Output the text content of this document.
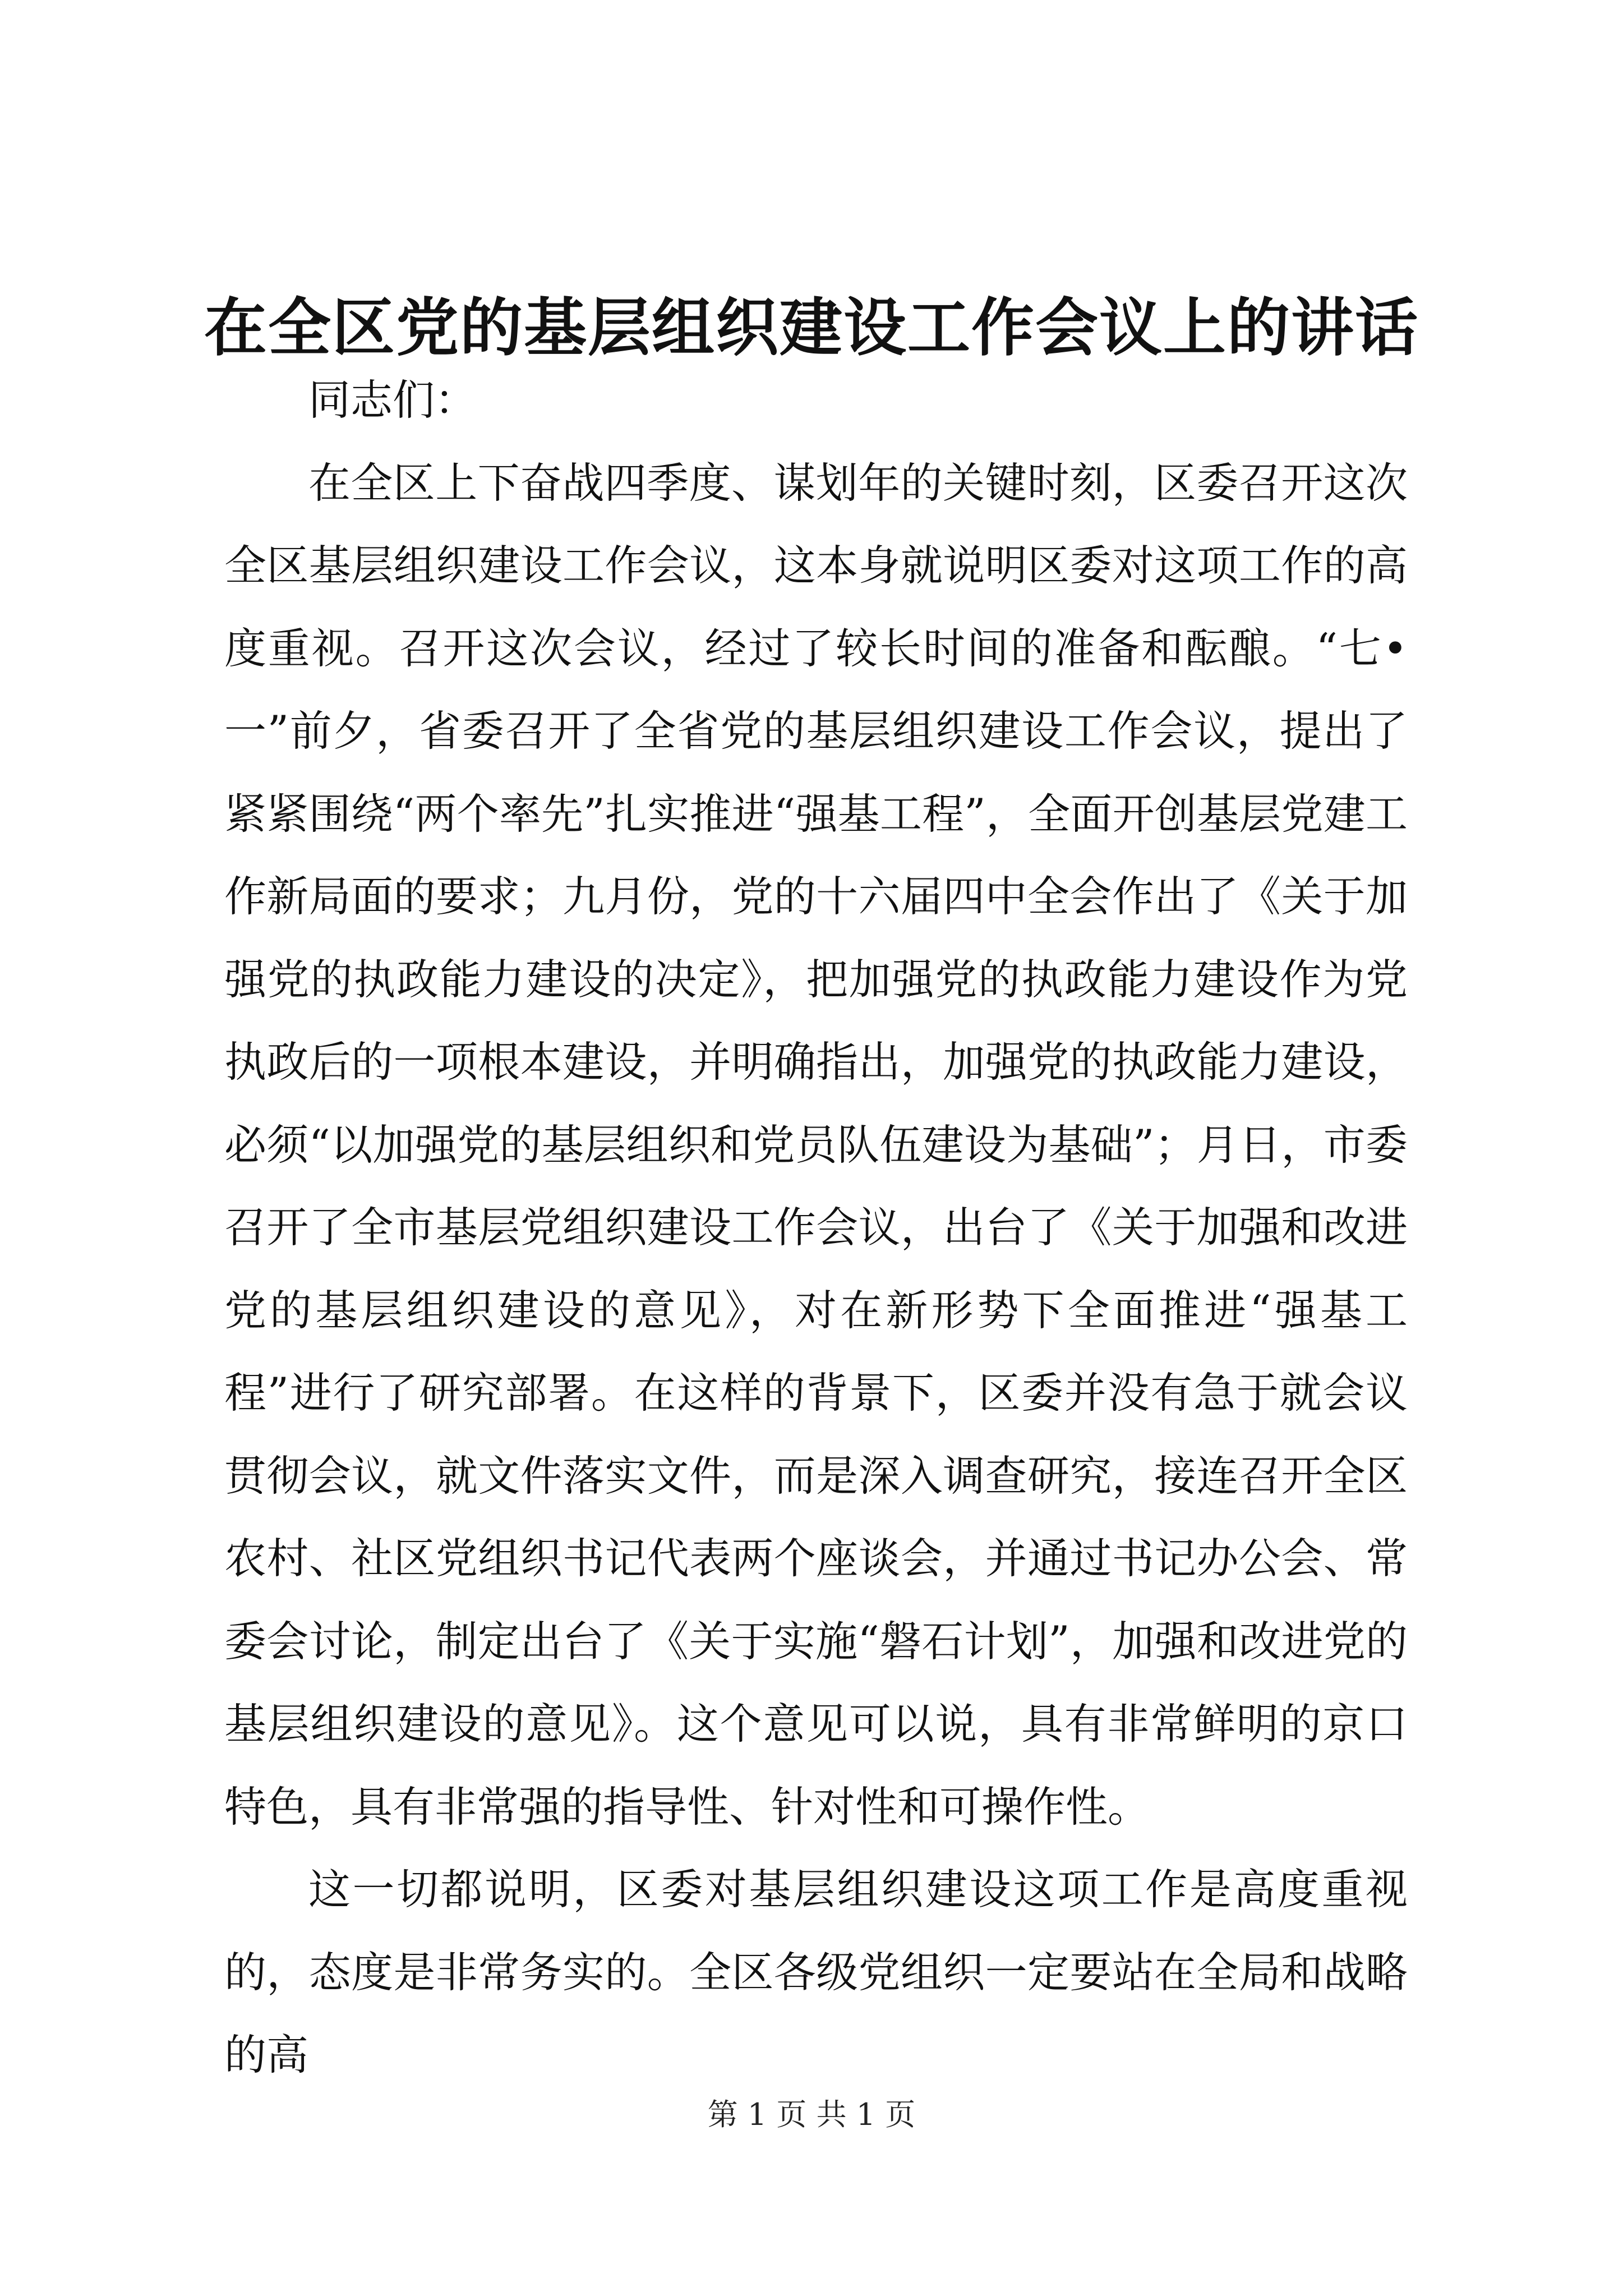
在全区党的基层组织建设工作会议上的讲话

同志们：

在全区上下奋战四季度、谋划年的关键时刻，区委召开这次全区基层组织建设工作会议，这本身就说明区委对这项工作的高度重视。召开这次会议，经过了较长时间的准备和酝酿。“七•一”前夕，省委召开了全省党的基层组织建设工作会议，提出了紧紧围绕“两个率先”扎实推进“强基工程”，全面开创基层党建工作新局面的要求；九月份，党的十六届四中全会作出了《关于加强党的执政能力建设的决定》，把加强党的执政能力建设作为党执政后的一项根本建设，并明确指出，加强党的执政能力建设，必须“以加强党的基层组织和党员队伍建设为基础”；月日，市委召开了全市基层党组织建设工作会议，出台了《关于加强和改进党的基层组织建设的意见》，对在新形势下全面推进“强基工程”进行了研究部署。在这样的背景下，区委并没有急于就会议贯彻会议，就文件落实文件，而是深入调查研究，接连召开全区农村、社区党组织书记代表两个座谈会，并通过书记办公会、常委会讨论，制定出台了《关于实施“磐石计划”，加强和改进党的基层组织建设的意见》。这个意见可以说，具有非常鲜明的京口特色，具有非常强的指导性、针对性和可操作性。

这一切都说明，区委对基层组织建设这项工作是高度重视的，态度是非常务实的。全区各级党组织一定要站在全局和战略的高

第 1 页 共 1 页
